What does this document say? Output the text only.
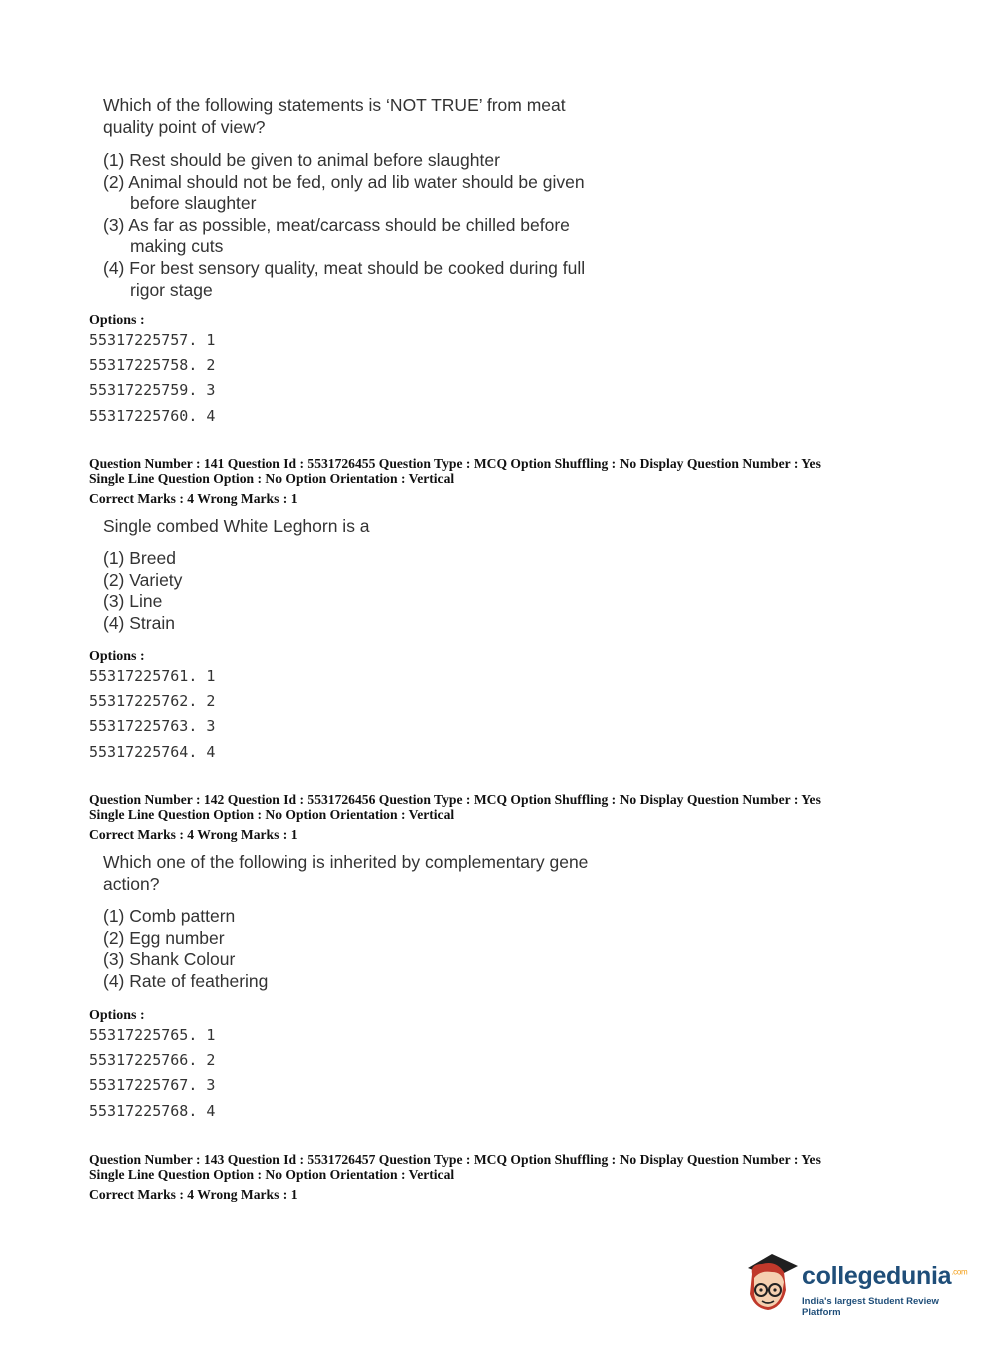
Which of the following statements is ‘NOT TRUE’ from meat

quality point of view?

(1) Rest should be given to animal before slaughter
(2) Animal should not be fed, only ad lib water should be given before slaughter
(3) As far as possible, meat/carcass should be chilled before making cuts
(4) For best sensory quality, meat should be cooked during full rigor stage
Options :
55317225757. 1
55317225758. 2
55317225759. 3
55317225760. 4
Question Number : 141 Question Id : 5531726455 Question Type : MCQ Option Shuffling : No Display Question Number : Yes
Single Line Question Option : No Option Orientation : Vertical
Correct Marks : 4 Wrong Marks : 1

Single combed White Leghorn is a

(1) Breed
(2) Variety
(3) Line
(4) Strain
Options :
55317225761. 1
55317225762. 2
55317225763. 3
55317225764. 4
Question Number : 142 Question Id : 5531726456 Question Type : MCQ Option Shuffling : No Display Question Number : Yes
Single Line Question Option : No Option Orientation : Vertical
Correct Marks : 4 Wrong Marks : 1

Which one of the following is inherited by complementary gene

action?

(1) Comb pattern
(2) Egg number
(3) Shank Colour
(4) Rate of feathering
Options :
55317225765. 1
55317225766. 2
55317225767. 3
55317225768. 4
Question Number : 143 Question Id : 5531726457 Question Type : MCQ Option Shuffling : No Display Question Number : Yes
Single Line Question Option : No Option Orientation : Vertical
Correct Marks : 4 Wrong Marks : 1
collegedunia$^{.com}$
India's largest Student Review Platform
